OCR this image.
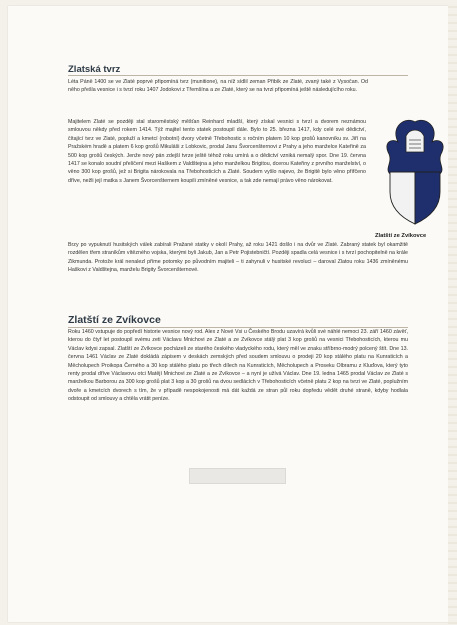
Zlatská tvrz
Léta Páně 1400 se ve Zlaté poprvé připomíná tvrz (munitione), na níž sídlil zeman Přibík ze Zlaté, zvaný také z Vysočan. Od něho přešla vesnice i s tvrzí roku 1407 Jodokovi z Třemšína a ze Zlaté, který se na tvrzi připomíná ještě následujícího roku.
Majitelem Zlaté se později stal staroměstský měšťan Reinhard mladší, který získal vesnici s tvrzí a dvorem neznámou smlouvou někdy před rokem 1414. Týž majitel tento statek postoupil dále. Bylo to 25. března 1417, kdy celé své dědictví, čítající tvrz ve Zlaté, popluží a kmetcí (robotní) dvory včetně Třebohostic s ročním platem 10 kop grošů kanovníku sv. Jiří na Pražském hradě a platem 6 kop grošů Mikuláši z Lobkovic, prodal Janu Švorcenšternovi z Prahy a jeho manželce Kateřině za 500 kop grošů českých. Jenže nový pán zdejší tvrze ještě téhož roku umírá a o dědictví vzniká nemalý spor. Dne 19. června 1417 se konalo soudní přelíčení mezi Haškem z Valdštejna a jeho manželkou Brigitou, dcerou Kateřiny z prvního manželství, o věno 300 kop grošů, jež si Brigita nárokovala na Třebohosticích a Zlaté. Soudem vyšlo najevo, že Brigitě bylo věno přiřčeno dříve, nežli její matka s Janem Švorcenšternem koupili zmíněné vesnice, a tak zde nemají právo věno nárokovat.
Brzy po vypuknutí husitských válek zabírali Pražané statky v okolí Prahy, až roku 1421 došlo i na dvůr ve Zlaté. Zabraný statek byl okamžitě rozdělen třem straníkům vítězného vojska, kterými byli Jakub, Jan a Petr Pojistebničtí. Později spadla celá vesnice i s tvrzí pochopitelně na krále Zikmunda. Protože král nenalezl příme potomky po původním majiteli – ti zahynuli v husitské revoluci – daroval Zlatou roku 1436 zmíněnému Haškovi z Valdštejna, manželu Brigity Švorcenšternové.
Zlatští ze Zvíkovce
Zlatští ze Zvíkovce
Roku 1460 vstupuje do popředí historie vesnice nový rod. Alex z Nové Vsi u Českého Brodu uzavírá kvůli své náhlé nemoci 23. září 1460 závěť, kterou do čtyř let postoupil svému zeti Václavu Mnichovi ze Zlaté a ze Zvíkovce stálý plat 3 kop grošů na vesnici Třebohosticích, kterou mu Václav kdysi zapsal. Zlatští ze Zvíkovce pocházeli ze starého českého vladyckého rodu, který měl ve znaku stříbrno-modrý polcený štít. Dne 13. června 1461 Václav ze Zlaté dokládá zápisem v deskách zemských před soudem smlouvu o prodeji 20 kop stálého platu na Kunraticích a Měcholupech Proikopa Černého a 30 kop stálého platu po třech dílech na Kunraticích, Měcholupech a Proseku Olbramu z Kluďova, který tyto renty prodal dříve Václavovu otci Matějí Mnichovi ze Zlaté a ze Zvíkovce – a nyní je užívá Václav. Dne 19. ledna 1465 prodal Václav ze Zlaté s manželkou Barborou za 300 kop grošů plat 3 kop a 30 grošů na dvou sedlácích v Třebohosticích včetně platu 2 kop na tvrzi ve Zlaté, poplužním dvoře a kmetcích dvorech s tím, že v případě nespokojenosti má dát každá ze stran půl roku dopředu vědět druhé straně, kdyby hodlala odstoupit od smlouvy a chtěla vrátit peníze.
